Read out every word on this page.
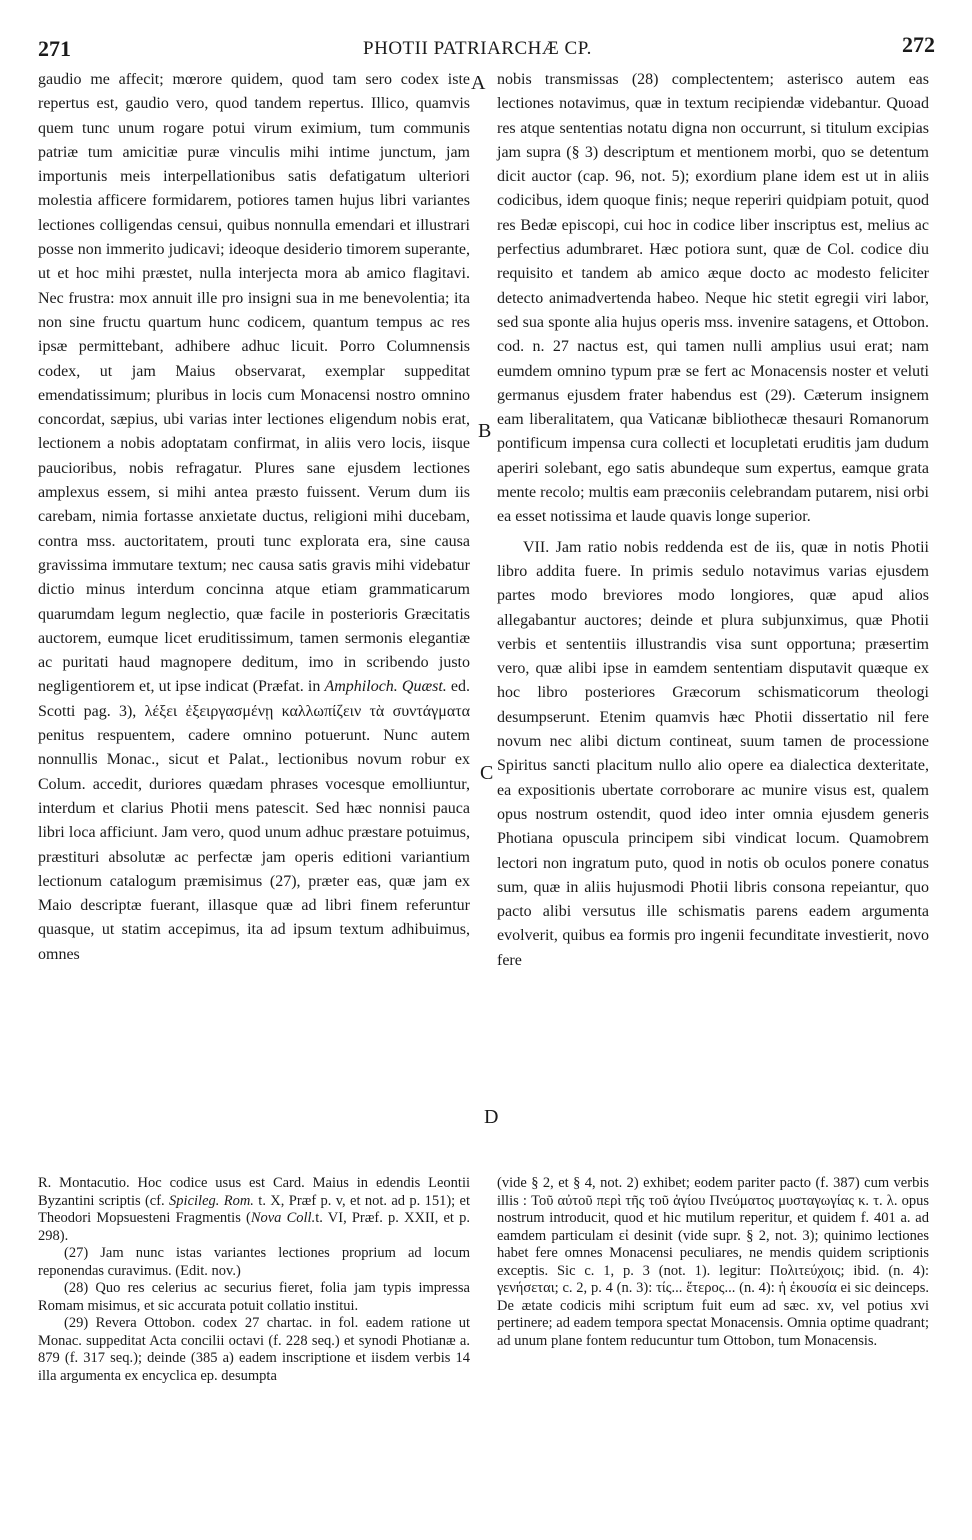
271	PHOTII PATRIARCHÆ CP.	272
A
B
C
D

gaudio me affecit; mœrore quidem, quod tam sero codex iste repertus est, gaudio vero, quod tandem repertus. Illico, quamvis quem tunc unum rogare potui virum eximium, tum communis patriæ tum amicitiæ puræ vinculis mihi intime junctum, jam importunis meis interpellationibus satis defatigatum ulteriori molestia afficere formidarem, potiores tamen hujus libri variantes lectiones colligendas censui, quibus nonnulla emendari et illustrari posse non immerito judicavi; ideoque desiderio timorem superante, ut et hoc mihi præstet, nulla interjecta mora ab amico flagitavi. Nec frustra: mox annuit ille pro insigni sua in me benevolentia; ita non sine fructu quartum hunc codicem, quantum tempus ac res ipsæ permittebant, adhibere adhuc licuit. Porro Columnensis codex, ut jam Maius observarat, exemplar suppeditat emendatissimum; pluribus in locis cum Monacensi nostro omnino concordat, sæpius, ubi varias inter lectiones eligendum nobis erat, lectionem a nobis adoptatam confirmat, in aliis vero locis, iisque paucioribus, nobis refragatur. Plures sane ejusdem lectiones amplexus essem, si mihi antea præsto fuissent. Verum dum iis carebam, nimia fortasse anxietate ductus, religioni mihi ducebam, contra mss. auctoritatem, prouti tunc explorata era, sine causa gravissima immutare textum; nec causa satis gravis mihi videbatur dictio minus interdum concinna atque etiam grammaticarum quarumdam legum neglectio, quæ facile in posterioris Græcitatis auctorem, eumque licet eruditissimum, tamen sermonis elegantiæ ac puritati haud magnopere deditum, imo in scribendo justo negligentiorem et, ut ipse indicat (Præfat. in Amphiloch. Quæst. ed. Scotti pag. 3), λέξει ἐξειργασμένῃ καλλωπίζειν τὰ συντάγματα penitus respuentem, cadere omnino potuerunt. Nunc autem nonnullis Monac., sicut et Palat., lectionibus novum robur ex Colum. accedit, duriores quædam phrases vocesque emolliuntur, interdum et clarius Photii mens patescit. Sed hæc nonnisi pauca libri loca afficiunt. Jam vero, quod unum adhuc præstare potuimus, præstituri absolutæ ac perfectæ jam operis editioni variantium lectionum catalogum præmisimus (27), præter eas, quæ jam ex Maio descriptæ fuerant, illasque quæ ad libri finem referuntur quasque, ut statim accepimus, ita ad ipsum textum adhibuimus, omnes

R. Montacutio. Hoc codice usus est Card. Maius in edendis Leontii Byzantini scriptis (cf. Spicileg. Rom. t. X, Præf p. v, et not. ad p. 151); et Theodori Mopsuesteni Fragmentis (Nova Coll.t. VI, Præf. p. XXII, et p. 298).

(27) Jam nunc istas variantes lectiones proprium ad locum reponendas curavimus. (Edit. nov.)

(28) Quo res celerius ac securius fieret, folia jam typis impressa Romam misimus, et sic accurata potuit collatio institui.

(29) Revera Ottobon. codex 27 chartac. in fol. eadem ratione ut Monac. suppeditat Acta concilii octavi (f. 228 seq.) et synodi Photianæ a. 879 (f. 317 seq.); deinde (385 a) eadem inscriptione et iisdem verbis 14 illa argumenta ex encyclica ep. desumpta

nobis transmissas (28) complectentem; asterisco autem eas lectiones notavimus, quæ in textum recipiendæ videbantur. Quoad res atque sententias notatu digna non occurrunt, si titulum excipias jam supra (§ 3) descriptum et mentionem morbi, quo se detentum dicit auctor (cap. 96, not. 5); exordium plane idem est ut in aliis codicibus, idem quoque finis; neque reperiri quidpiam potuit, quod res Bedæ episcopi, cui hoc in codice liber inscriptus est, melius ac perfectius adumbraret. Hæc potiora sunt, quæ de Col. codice diu requisito et tandem ab amico æque docto ac modesto feliciter detecto animadvertenda habeo. Neque hic stetit egregii viri labor, sed sua sponte alia hujus operis mss. invenire satagens, et Ottobon. cod. n. 27 nactus est, qui tamen nulli amplius usui erat; nam eumdem omnino typum præ se fert ac Monacensis noster et veluti germanus ejusdem frater habendus est (29). Cæterum insignem eam liberalitatem, qua Vaticanæ bibliothecæ thesauri Romanorum pontificum impensa cura collecti et locupletati eruditis jam dudum aperiri solebant, ego satis abundeque sum expertus, eamque grata mente recolo; multis eam præconiis celebrandam putarem, nisi orbi ea esset notissima et laude quavis longe superior.

VII. Jam ratio nobis reddenda est de iis, quæ in notis Photii libro addita fuere. In primis sedulo notavimus varias ejusdem partes modo breviores modo longiores, quæ apud alios allegabantur auctores; deinde et plura subjunximus, quæ Photii verbis et sententiis illustrandis visa sunt opportuna; præsertim vero, quæ alibi ipse in eamdem sententiam disputavit quæque ex hoc libro posteriores Græcorum schismaticorum theologi desumpserunt. Etenim quamvis hæc Photii dissertatio nil fere novum nec alibi dictum contineat, suum tamen de processione Spiritus sancti placitum nullo alio opere ea dialectica dexteritate, ea expositionis ubertate corroborare ac munire visus est, qualem opus nostrum ostendit, quod ideo inter omnia ejusdem generis Photiana opuscula principem sibi vindicat locum. Quamobrem lectori non ingratum puto, quod in notis ob oculos ponere conatus sum, quæ in aliis hujusmodi Photii libris consona repeiantur, quo pacto alibi versutus ille schismatis parens eadem argumenta evolverit, quibus ea formis pro ingenii fecunditate investierit, novo fere

(vide § 2, et § 4, not. 2) exhibet; eodem pariter pacto (f. 387) cum verbis illis : Τοῦ αὐτοῦ περὶ τῆς τοῦ ἁγίου Πνεύματος μυσταγωγίας κ. τ. λ. opus nostrum introducit, quod et hic mutilum reperitur, et quidem f. 401 a. ad eamdem particulam εἰ desinit (vide supr. § 2, not. 3); quinimo lectiones habet fere omnes Monacensi peculiares, ne mendis quidem scriptionis exceptis. Sic c. 1, p. 3 (not. 1). legitur: Πολιτεύχοις; ibid. (n. 4): γενήσεται; c. 2, p. 4 (n. 3): τίς... ἕτερος... (n. 4): ἡ ἐκουσία ei sic deinceps. De ætate codicis mihi scriptum fuit eum ad sæc. xv, vel potius xvi pertinere; ad eadem tempora spectat Monacensis. Omnia optime quadrant; ad unum plane fontem reducuntur tum Ottobon, tum Monacensis.
